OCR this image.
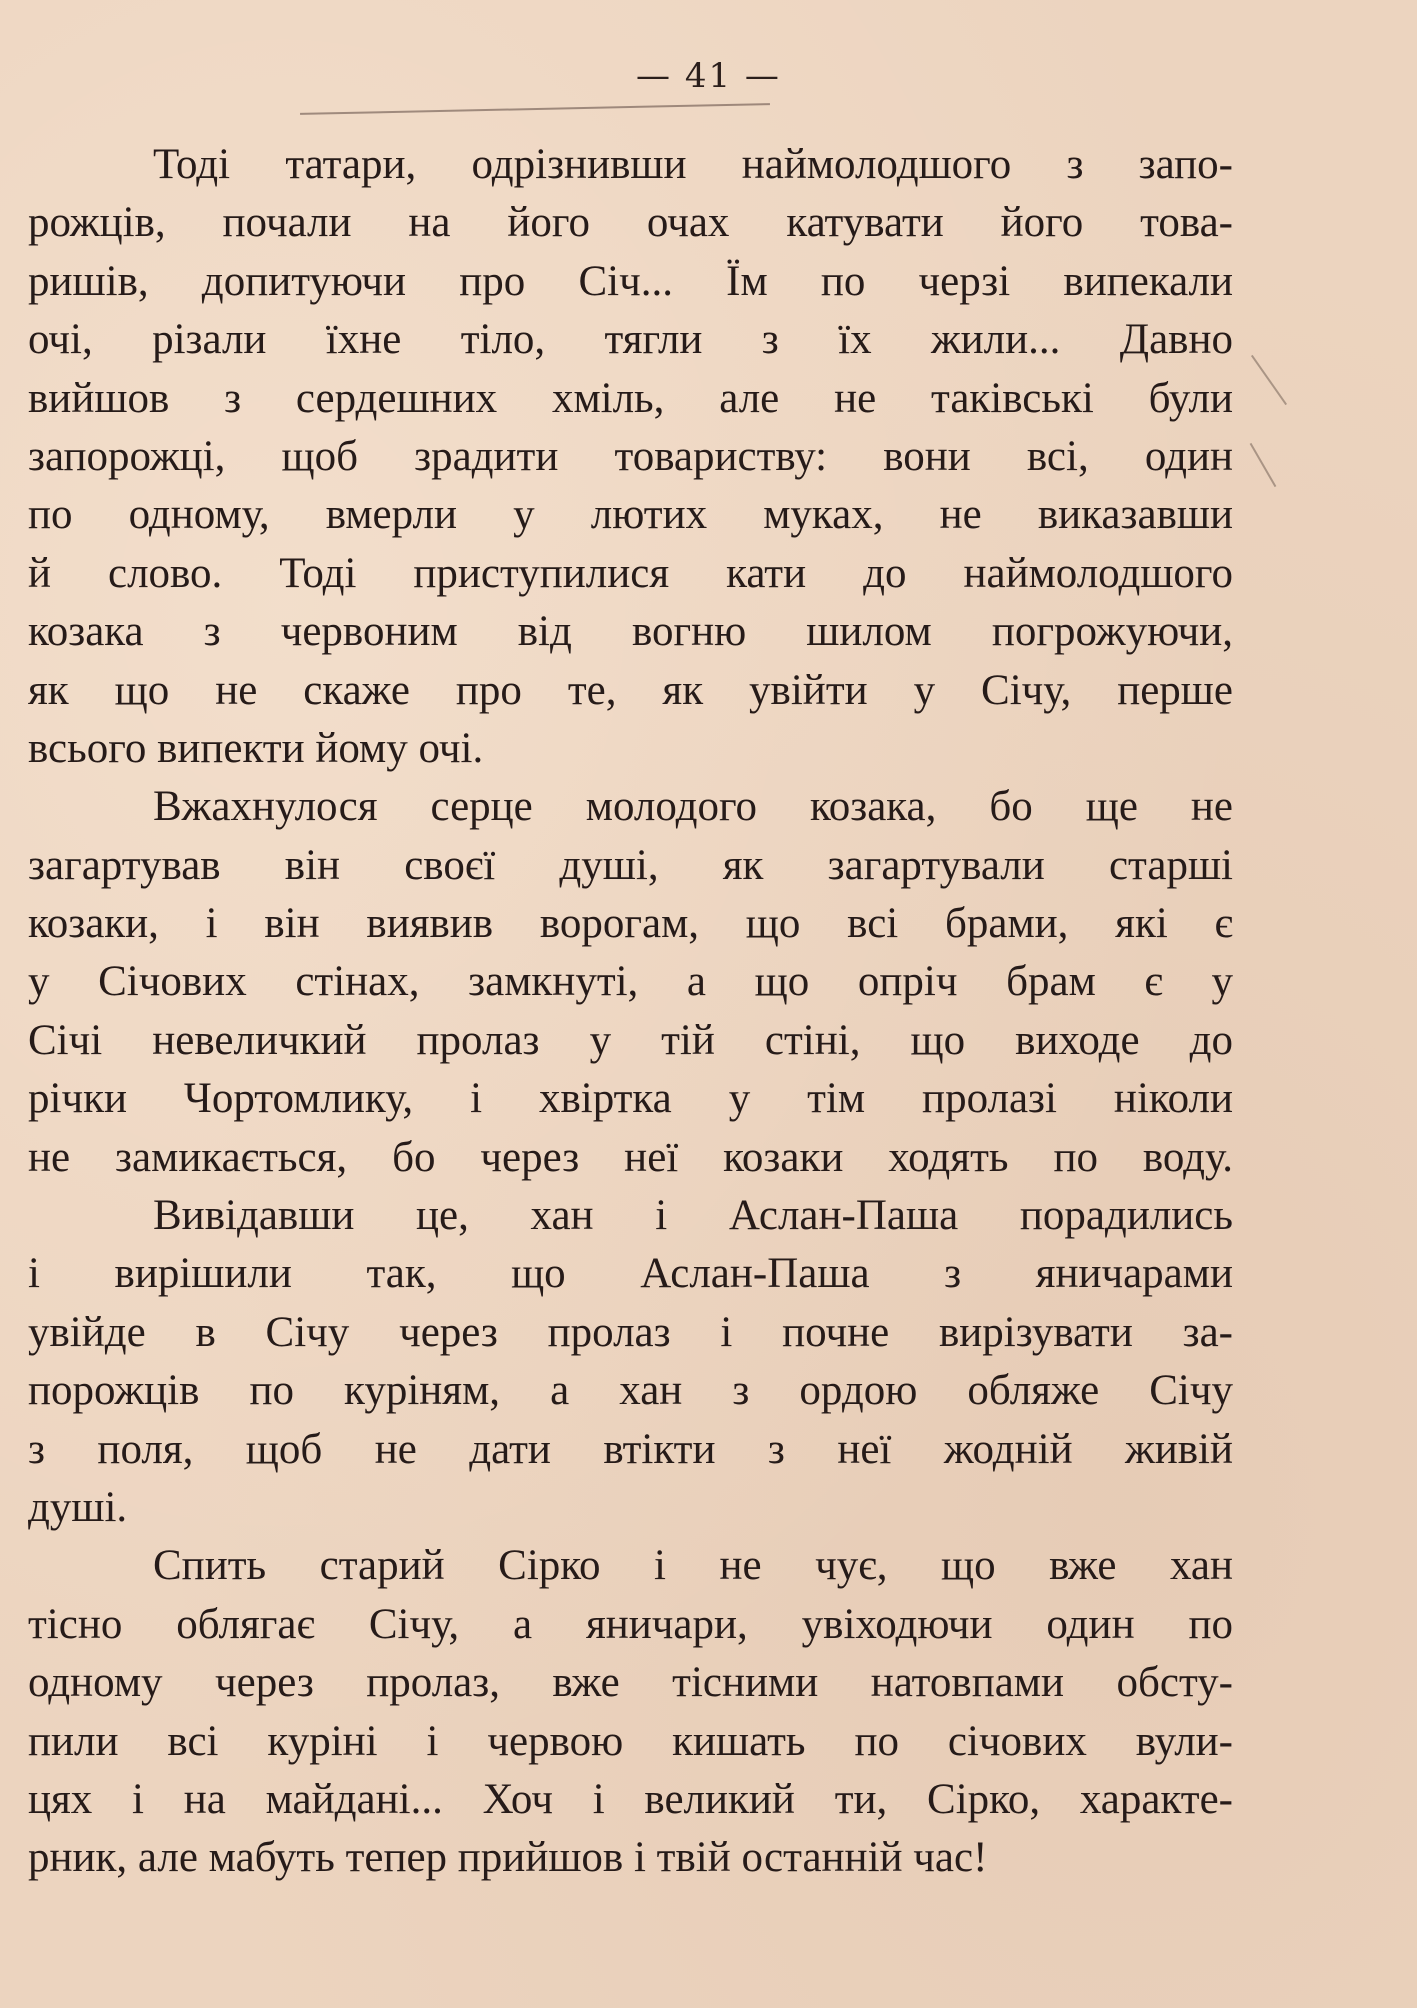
— 41 —
Тоді татари, одрізнивши наймолодшого з запо-
рожців, почали на його очах катувати його това-
ришів, допитуючи про Січ... Їм по черзі випекали
очі, різали їхне тіло, тягли з їх жили... Давно
вийшов з сердешних хміль, але не таківські були
запорожці, щоб зрадити товариству: вони всі, один
по одному, вмерли у лютих муках, не виказавши
й слово. Тоді приступилися кати до наймолодшого
козака з червоним від вогню шилом погрожуючи,
як що не скаже про те, як увійти у Січу, перше
всього випекти йому очі.
Вжахнулося серце молодого козака, бо ще не
загартував він своєї душі, як загартували старші
козаки, і він виявив ворогам, що всі брами, які є
у Січових стінах, замкнуті, а що опріч брам є у
Січі невеличкий пролаз у тій стіні, що виходе до
річки Чортомлику, і хвіртка у тім пролазі ніколи
не замикається, бо через неї козаки ходять по воду.
Вивідавши це, хан і Аслан-Паша порадились
і вирішили так, що Аслан-Паша з яничарами
увійде в Січу через пролаз і почне вирізувати за-
порожців по куріням, а хан з ордою обляже Січу
з поля, щоб не дати втікти з неї жодній живій
душі.
Спить старий Сірко і не чує, що вже хан
тісно облягає Січу, а яничари, увіходючи один по
одному через пролаз, вже тісними натовпами обсту-
пили всі куріні і червою кишать по січових вули-
цях і на майдані... Хоч і великий ти, Сірко, характе-
рник, але мабуть тепер прийшов і твій останній час!
